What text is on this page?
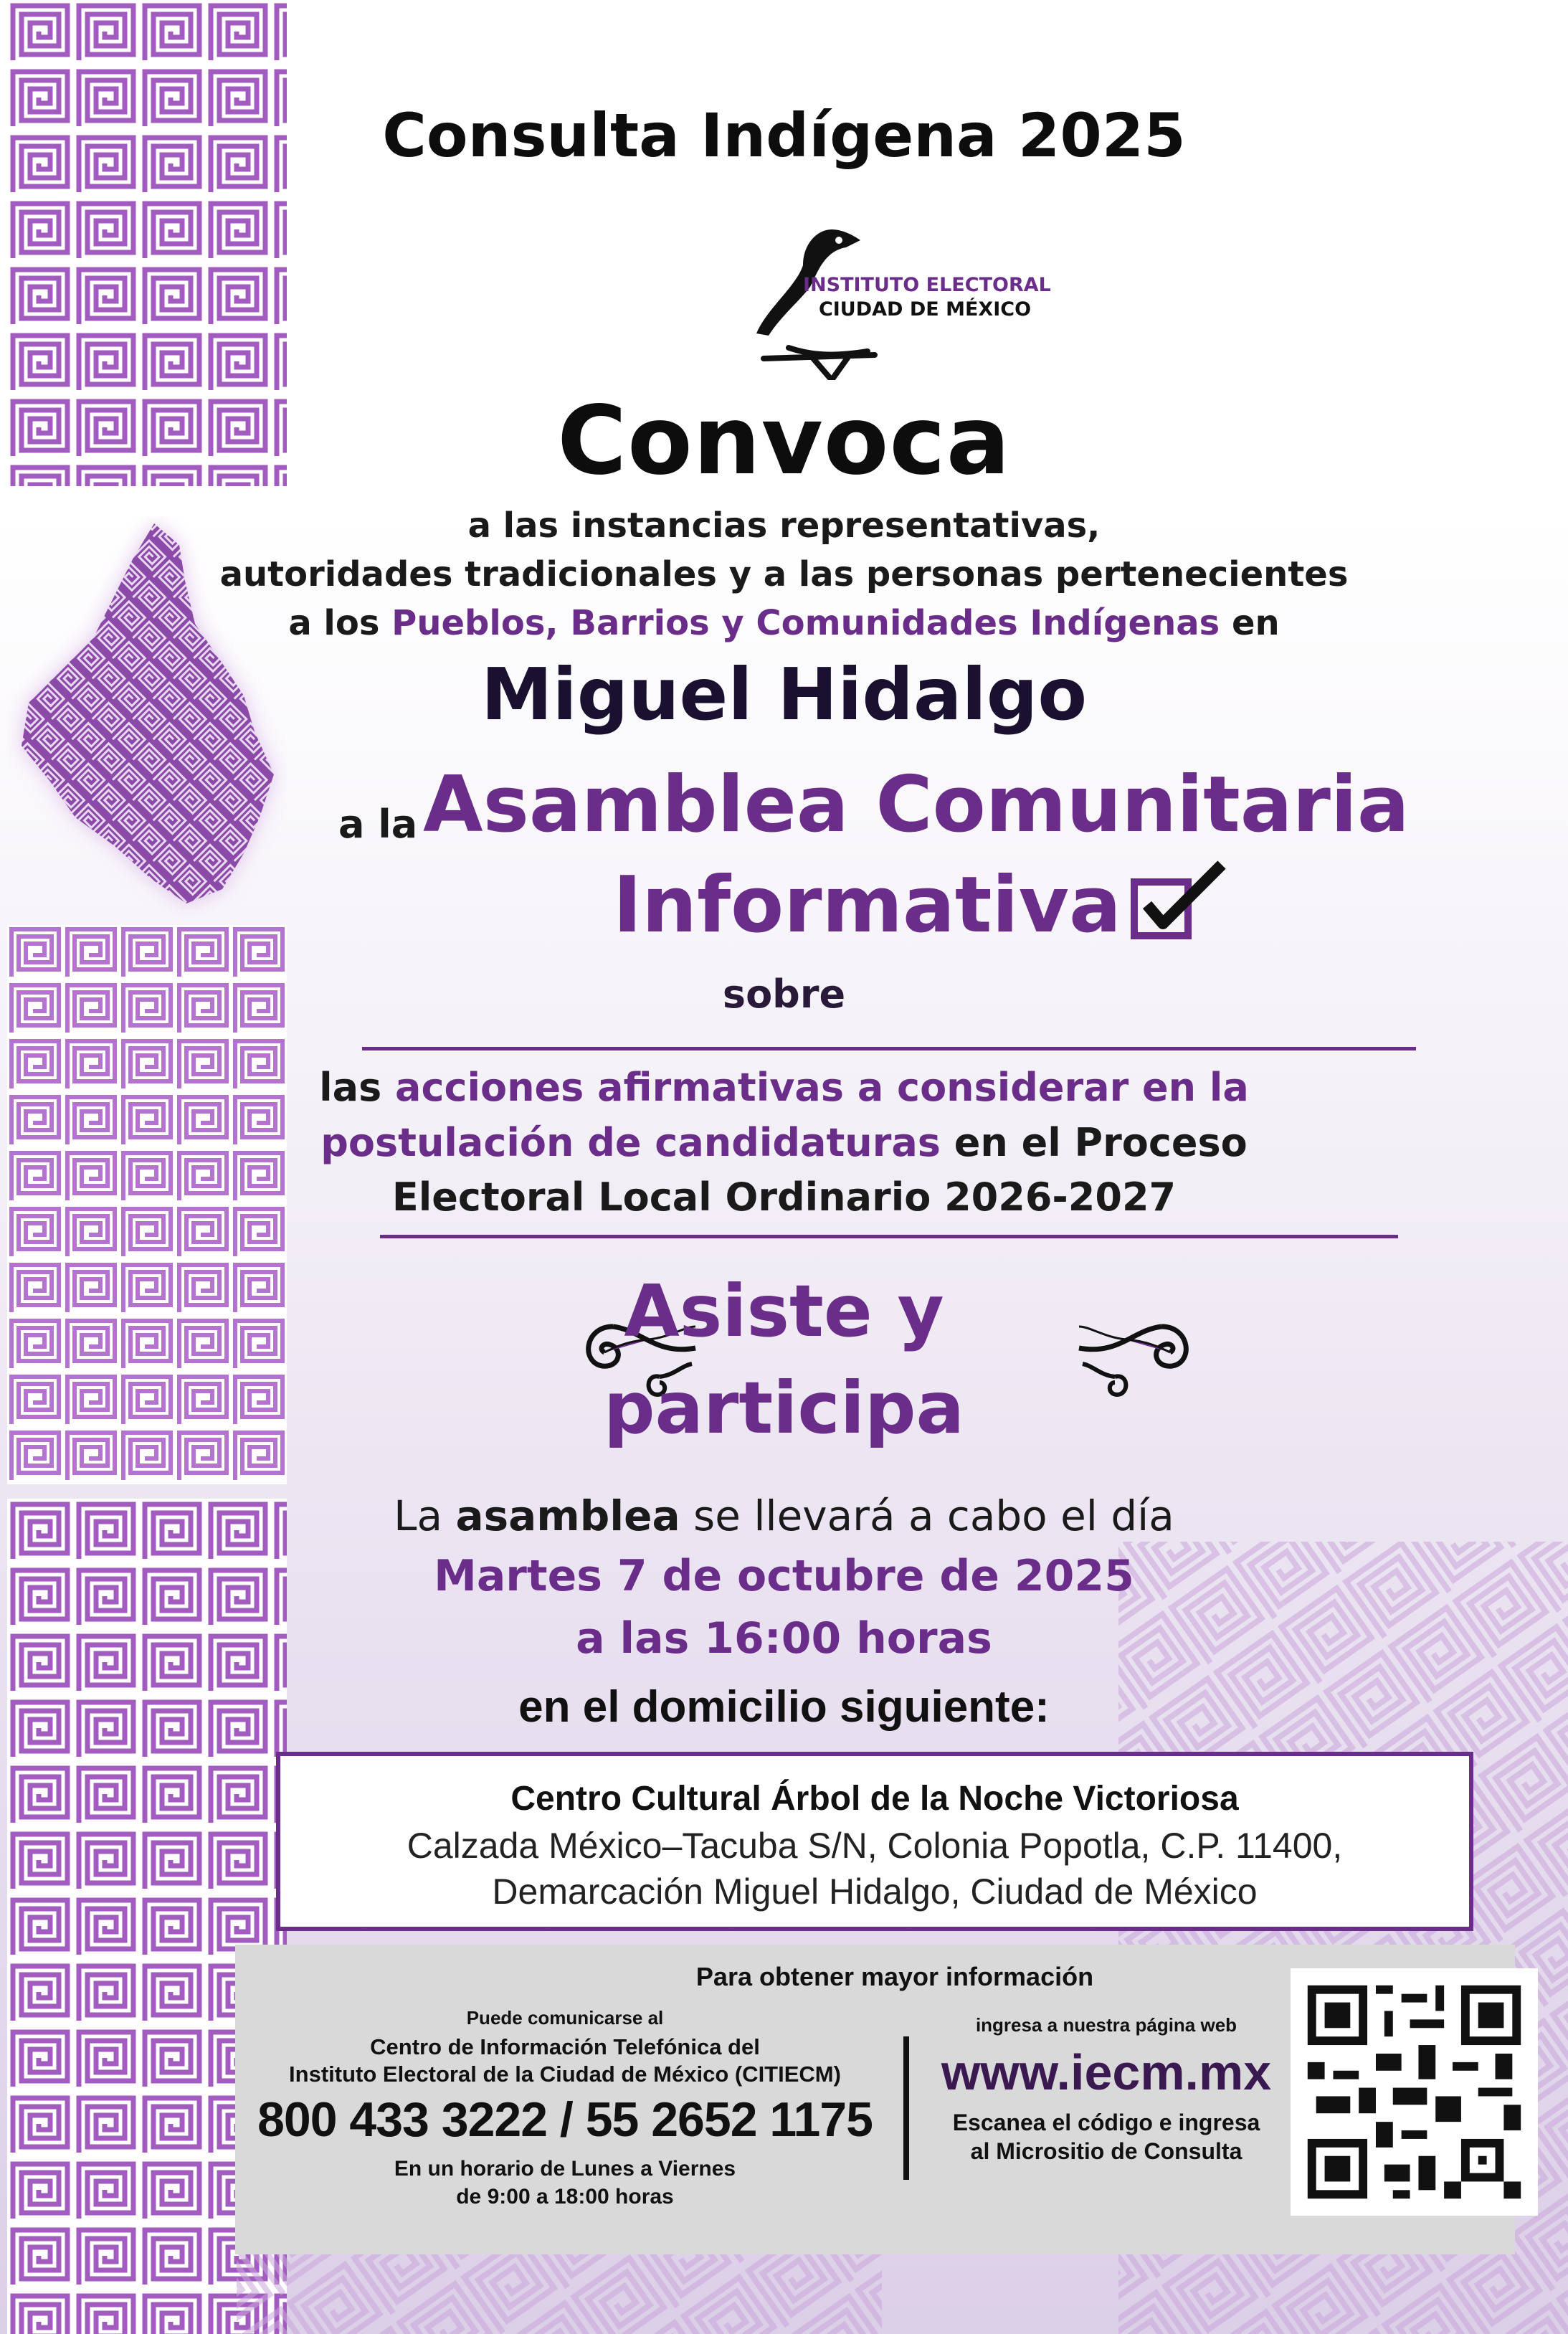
Consulta Indígena 2025
INSTITUTO ELECTORAL
CIUDAD DE MÉXICO
Convoca
a las instancias representativas,
autoridades tradicionales y a las personas pertenecientes
a los Pueblos, Barrios y Comunidades Indígenas en
Miguel Hidalgo
a la Asamblea Comunitaria
Informativa
sobre
las acciones afirmativas a considerar en la
postulación de candidaturas en el Proceso
Electoral Local Ordinario 2026-2027
Asiste y
participa
La asamblea se llevará a cabo el día
Martes 7 de octubre de 2025
a las 16:00 horas
en el domicilio siguiente:
Centro Cultural Árbol de la Noche Victoriosa
Calzada México–Tacuba S/N, Colonia Popotla, C.P. 11400,
Demarcación Miguel Hidalgo, Ciudad de México
Para obtener mayor información
Puede comunicarse al
Centro de Información Telefónica del
Instituto Electoral de la Ciudad de México (CITIECM)
800 433 3222 / 55 2652 1175
En un horario de Lunes a Viernes
de 9:00 a 18:00 horas
ingresa a nuestra página web
www.iecm.mx
Escanea el código e ingresa
al Micrositio de Consulta
